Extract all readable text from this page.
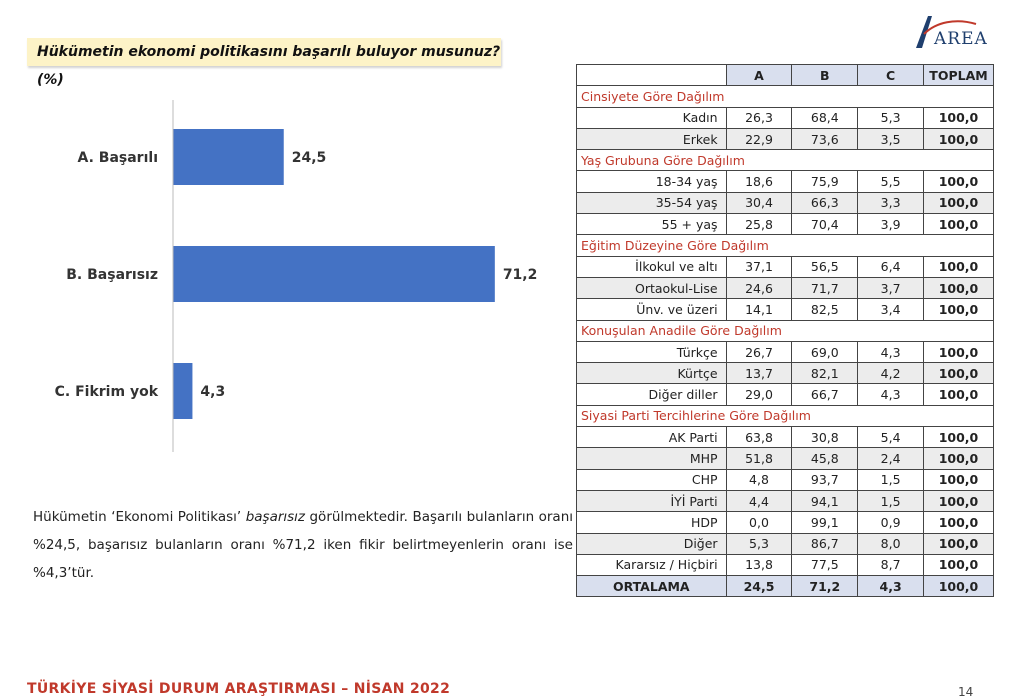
Hükümetin ekonomi politikasını başarılı buluyor musunuz? (%)
AREA
A. Başarılı	24,5
B. Başarısız	71,2
C. Fikrim yok	4,3
Hükümetin ‘Ekonomi Politikası’ başarısız görülmektedir. Başarılı bulanların oranı %24,5, başarısız bulanların oranı %71,2 iken fikir belirtmeyenlerin oranı ise %4,3’tür.
	A	B	C	TOPLAM
Cinsiyete Göre Dağılım				
Kadın	26,3	68,4	5,3	100,0
Erkek	22,9	73,6	3,5	100,0
Yaş Grubuna Göre Dağılım				
18-34 yaş	18,6	75,9	5,5	100,0
35-54 yaş	30,4	66,3	3,3	100,0
55 + yaş	25,8	70,4	3,9	100,0
Eğitim Düzeyine Göre Dağılım				
İlkokul ve altı	37,1	56,5	6,4	100,0
Ortaokul-Lise	24,6	71,7	3,7	100,0
Ünv. ve üzeri	14,1	82,5	3,4	100,0
Konuşulan Anadile Göre Dağılım				
Türkçe	26,7	69,0	4,3	100,0
Kürtçe	13,7	82,1	4,2	100,0
Diğer diller	29,0	66,7	4,3	100,0
Siyasi Parti Tercihlerine Göre Dağılım				
AK Parti	63,8	30,8	5,4	100,0
MHP	51,8	45,8	2,4	100,0
CHP	4,8	93,7	1,5	100,0
İYİ Parti	4,4	94,1	1,5	100,0
HDP	0,0	99,1	0,9	100,0
Diğer	5,3	86,7	8,0	100,0
Kararsız / Hiçbiri	13,8	77,5	8,7	100,0
ORTALAMA	24,5	71,2	4,3	100,0
TÜRKİYE SİYASİ DURUM ARAŞTIRMASI – NİSAN 2022	14
